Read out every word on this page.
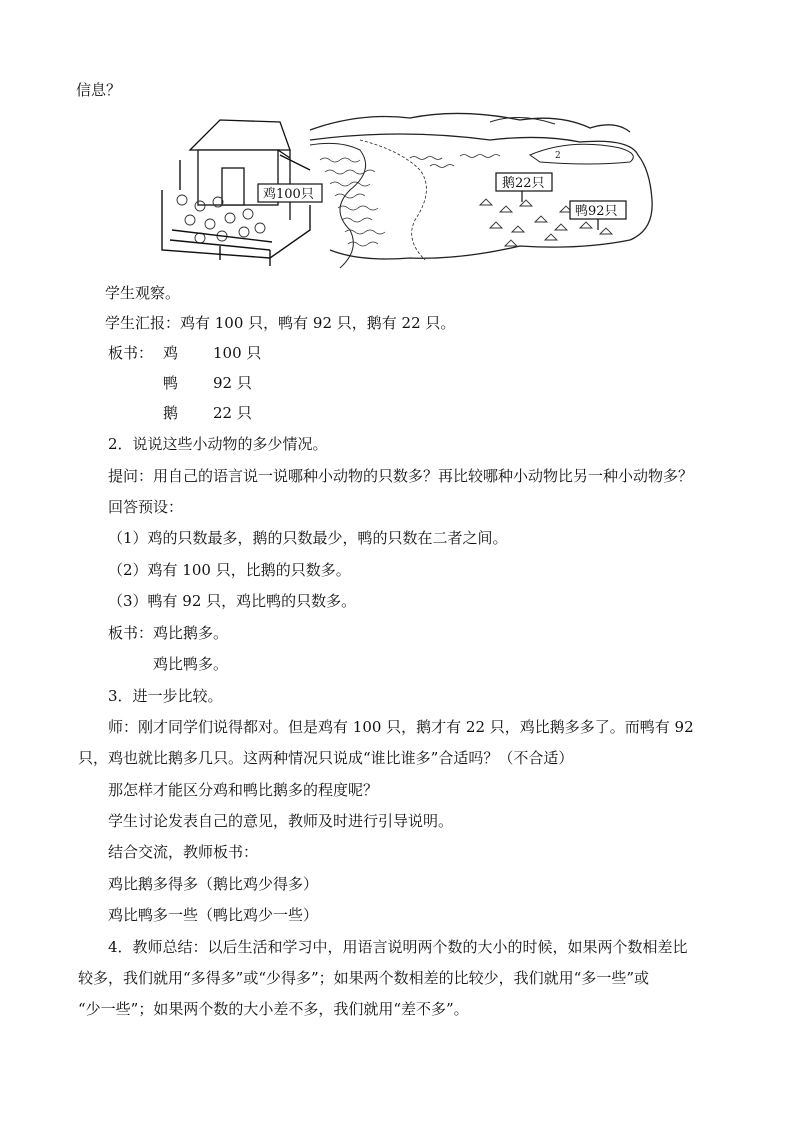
信息？
2
鸡100只
鹅22只
鸭92只
学生观察。
学生汇报：鸡有 100 只，鸭有 92 只，鹅有 22 只。
板书： 鸡 100 只
鸭 92 只
鹅 22 只
2．说说这些小动物的多少情况。
提问：用自己的语言说一说哪种小动物的只数多？再比较哪种小动物比另一种小动物多？
回答预设：
（1）鸡的只数最多，鹅的只数最少，鸭的只数在二者之间。
（2）鸡有 100 只，比鹅的只数多。
（3）鸭有 92 只，鸡比鸭的只数多。
板书：鸡比鹅多。
鸡比鸭多。
3．进一步比较。
师：刚才同学们说得都对。但是鸡有 100 只，鹅才有 22 只，鸡比鹅多多了。而鸭有 92
只，鸡也就比鹅多几只。这两种情况只说成“谁比谁多”合适吗？（不合适）
那怎样才能区分鸡和鸭比鹅多的程度呢？
学生讨论发表自己的意见，教师及时进行引导说明。
结合交流，教师板书：
鸡比鹅多得多（鹅比鸡少得多）
鸡比鸭多一些（鸭比鸡少一些）
4．教师总结：以后生活和学习中，用语言说明两个数的大小的时候，如果两个数相差比
较多，我们就用“多得多”或“少得多”；如果两个数相差的比较少，我们就用“多一些”或
“少一些”；如果两个数的大小差不多，我们就用“差不多”。
